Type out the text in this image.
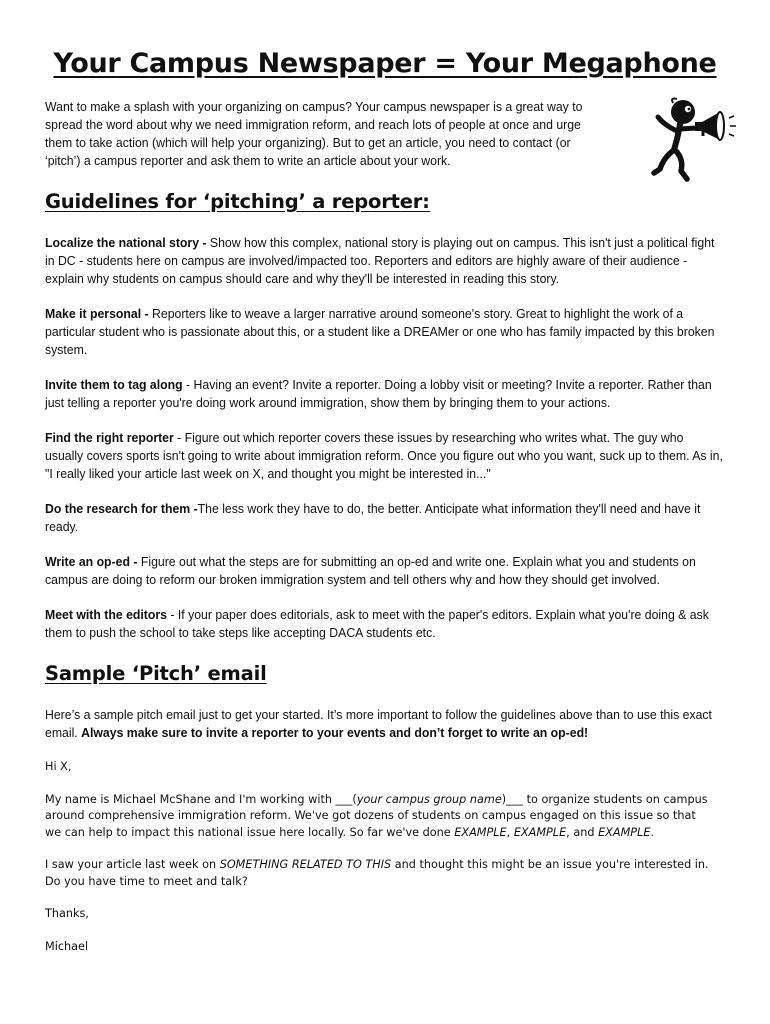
Your Campus Newspaper = Your Megaphone

Want to make a splash with your organizing on campus? Your campus newspaper is a great way to spread the word about why we need immigration reform, and reach lots of people at once and urge them to take action (which will help your organizing). But to get an article, you need to contact (or ‘pitch’) a campus reporter and ask them to write an article about your work.

Guidelines for ‘pitching’ a reporter:

Localize the national story - Show how this complex, national story is playing out on campus. This isn't just a political fight in DC - students here on campus are involved/impacted too. Reporters and editors are highly aware of their audience - explain why students on campus should care and why they'll be interested in reading this story.

Make it personal - Reporters like to weave a larger narrative around someone's story. Great to highlight the work of a particular student who is passionate about this, or a student like a DREAMer or one who has family impacted by this broken system.

Invite them to tag along - Having an event? Invite a reporter. Doing a lobby visit or meeting? Invite a reporter. Rather than just telling a reporter you're doing work around immigration, show them by bringing them to your actions.

Find the right reporter - Figure out which reporter covers these issues by researching who writes what. The guy who usually covers sports isn't going to write about immigration reform. Once you figure out who you want, suck up to them. As in, "I really liked your article last week on X, and thought you might be interested in..."

Do the research for them -The less work they have to do, the better. Anticipate what information they'll need and have it ready.

Write an op-ed - Figure out what the steps are for submitting an op-ed and write one. Explain what you and students on campus are doing to reform our broken immigration system and tell others why and how they should get involved.

Meet with the editors - If your paper does editorials, ask to meet with the paper's editors. Explain what you're doing & ask them to push the school to take steps like accepting DACA students etc.

Sample ‘Pitch’ email

Here’s a sample pitch email just to get your started. It’s more important to follow the guidelines above than to use this exact email. Always make sure to invite a reporter to your events and don’t forget to write an op-ed!

Hi X,

My name is Michael McShane and I'm working with ___(your campus group name)___ to organize students on campus around comprehensive immigration reform. We've got dozens of students on campus engaged on this issue so that we can help to impact this national issue here locally. So far we've done EXAMPLE, EXAMPLE, and EXAMPLE.

I saw your article last week on SOMETHING RELATED TO THIS and thought this might be an issue you're interested in. Do you have time to meet and talk?

Thanks,

Michael
